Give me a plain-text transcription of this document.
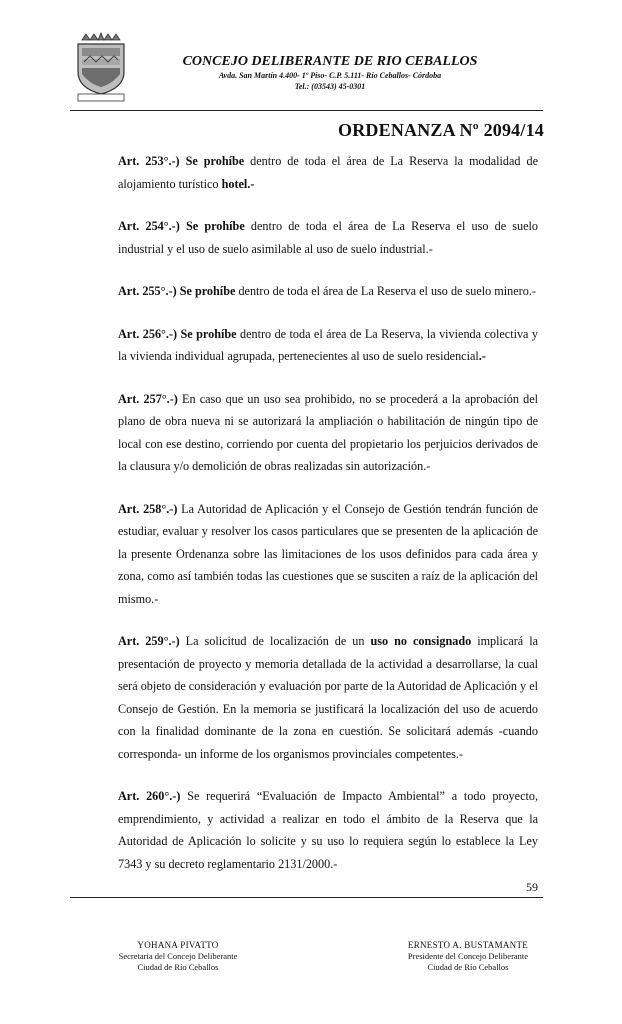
CONCEJO DELIBERANTE DE RIO CEBALLOS
Avda. San Martín 4.400- 1º Piso- C.P. 5.111- Río Ceballos- Córdoba
Tel.: (03543) 45-0301
ORDENANZA Nº 2094/14

Art. 253°.-) Se prohíbe dentro de toda el área de La Reserva la modalidad de alojamiento turístico hotel.-

Art. 254°.-) Se prohíbe dentro de toda el área de La Reserva el uso de suelo industrial y el uso de suelo asimilable al uso de suelo industrial.-

Art. 255°.-) Se prohíbe dentro de toda el área de La Reserva el uso de suelo minero.-

Art. 256°.-) Se prohíbe dentro de toda el área de La Reserva, la vivienda colectiva y la vivienda individual agrupada, pertenecientes al uso de suelo residencial.-

Art. 257°.-) En caso que un uso sea prohibido, no se procederá a la aprobación del plano de obra nueva ni se autorizará la ampliación o habilitación de ningún tipo de local con ese destino, corriendo por cuenta del propietario los perjuicios derivados de la clausura y/o demolición de obras realizadas sin autorización.-

Art. 258°.-) La Autoridad de Aplicación y el Consejo de Gestión tendrán función de estudiar, evaluar y resolver los casos particulares que se presenten de la aplicación de la presente Ordenanza sobre las limitaciones de los usos definidos para cada área y zona, como así también todas las cuestiones que se susciten a raíz de la aplicación del mismo.-

Art. 259°.-) La solicitud de localización de un uso no consignado implicará la presentación de proyecto y memoria detallada de la actividad a desarrollarse, la cual será objeto de consideración y evaluación por parte de la Autoridad de Aplicación y el Consejo de Gestión. En la memoria se justificará la localización del uso de acuerdo con la finalidad dominante de la zona en cuestión. Se solicitará además -cuando corresponda- un informe de los organismos provinciales competentes.-

Art. 260°.-) Se requerirá “Evaluación de Impacto Ambiental” a todo proyecto, emprendimiento, y actividad a realizar en todo el ámbito de la Reserva que la Autoridad de Aplicación lo solicite y su uso lo requiera según lo establece la Ley 7343 y su decreto reglamentario 2131/2000.-

59
YOHANA PIVATTO
Secretaria del Concejo Deliberante
Ciudad de Río Ceballos
ERNESTO A. BUSTAMANTE
Presidente del Concejo Deliberante
Ciudad de Río Ceballos
